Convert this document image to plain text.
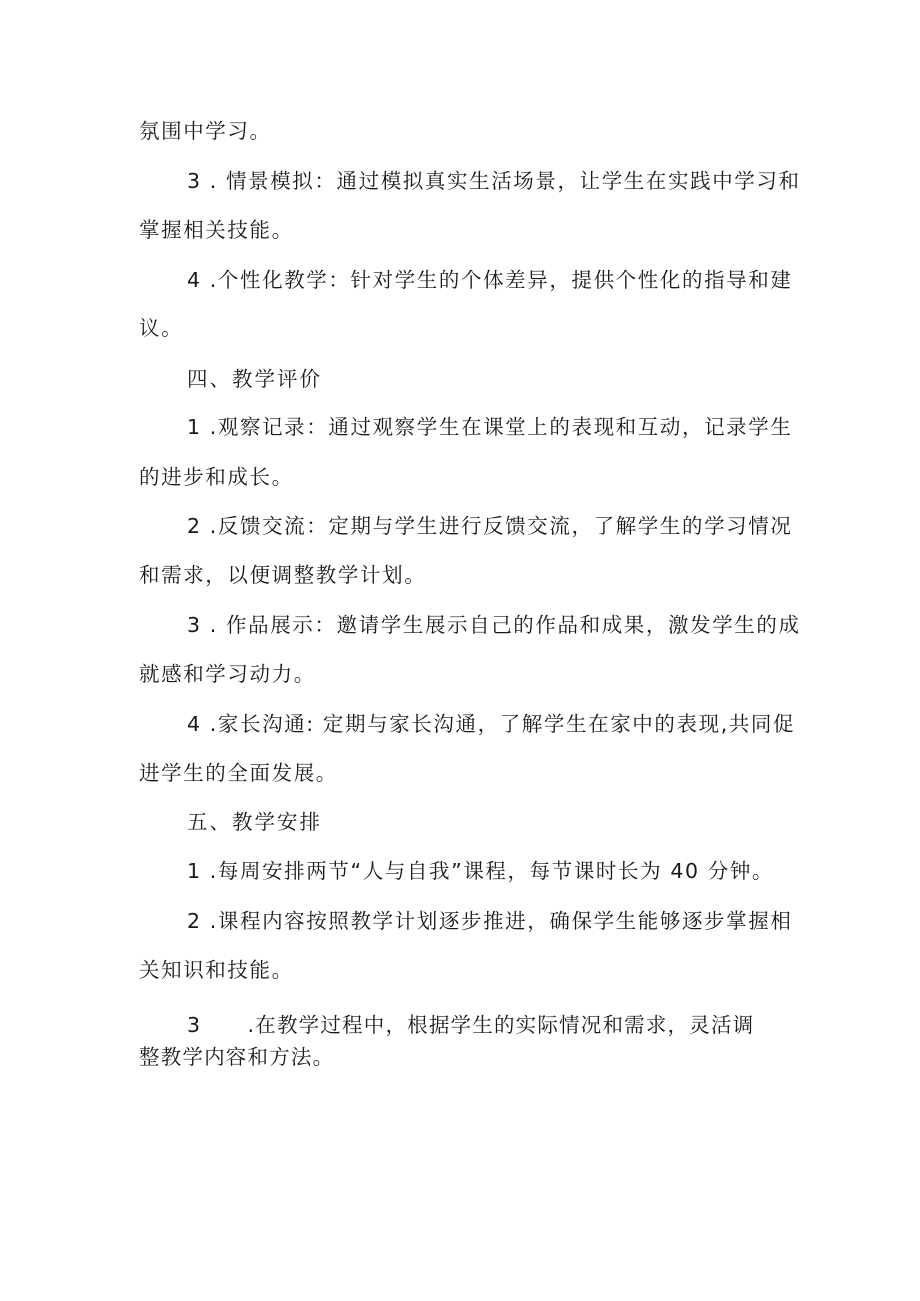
氛围中学习。
3 . 情景模拟：通过模拟真实生活场景，让学生在实践中学习和
掌握相关技能。
4 .个性化教学：针对学生的个体差异，提供个性化的指导和建
议。
四、教学评价
1 .观察记录：通过观察学生在课堂上的表现和互动，记录学生
的进步和成长。
2 .反馈交流：定期与学生进行反馈交流，了解学生的学习情况
和需求，以便调整教学计划。
3 . 作品展示：邀请学生展示自己的作品和成果，激发学生的成
就感和学习动力。
4 .家长沟通: 定期与家长沟通，了解学生在家中的表现,共同促
进学生的全面发展。
五、教学安排
1 .每周安排两节“人与自我”课程，每节课时长为 40 分钟。
2 .课程内容按照教学计划逐步推进，确保学生能够逐步掌握相
关知识和技能。
3      .在教学过程中，根据学生的实际情况和需求，灵活调
整教学内容和方法。
